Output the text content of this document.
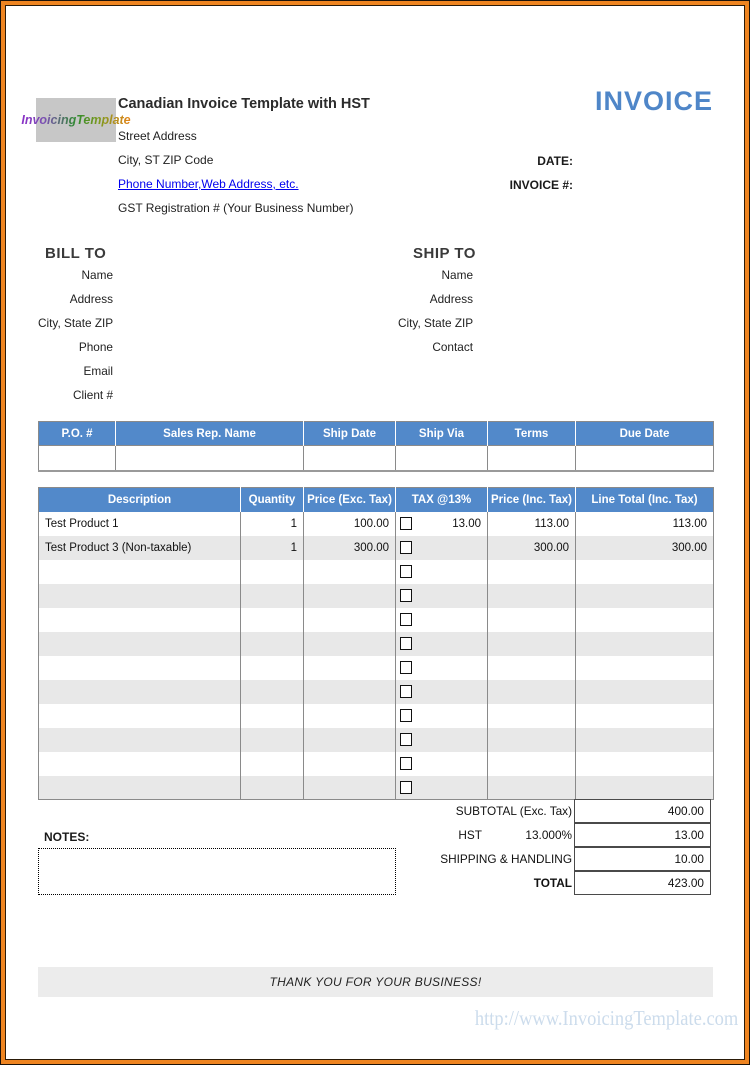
InvoicingTemplate
Canadian Invoice Template with HST
Street Address
City, ST ZIP Code
Phone Number,Web Address, etc.
GST Registration # (Your Business Number)
INVOICE
DATE:
INVOICE #:
BILL TO	SHIP TO
Name
Address
City, State ZIP
Phone
Email
Client #
Name
Address
City, State ZIP
Contact
P.O. #	Sales Rep. Name	Ship Date	Ship Via	Terms	Due Date

Description	Quantity	Price (Exc. Tax)	TAX @13%	Price (Inc. Tax)	Line Total (Inc. Tax)
Test Product 1	1	100.00	13.00	113.00	113.00
Test Product 3 (Non-taxable)	1	300.00		300.00	300.00

SUBTOTAL (Exc. Tax)	400.00
HST	13.000%	13.00
SHIPPING & HANDLING	10.00
TOTAL	423.00
NOTES:
THANK YOU FOR YOUR BUSINESS!
http://www.InvoicingTemplate.com
